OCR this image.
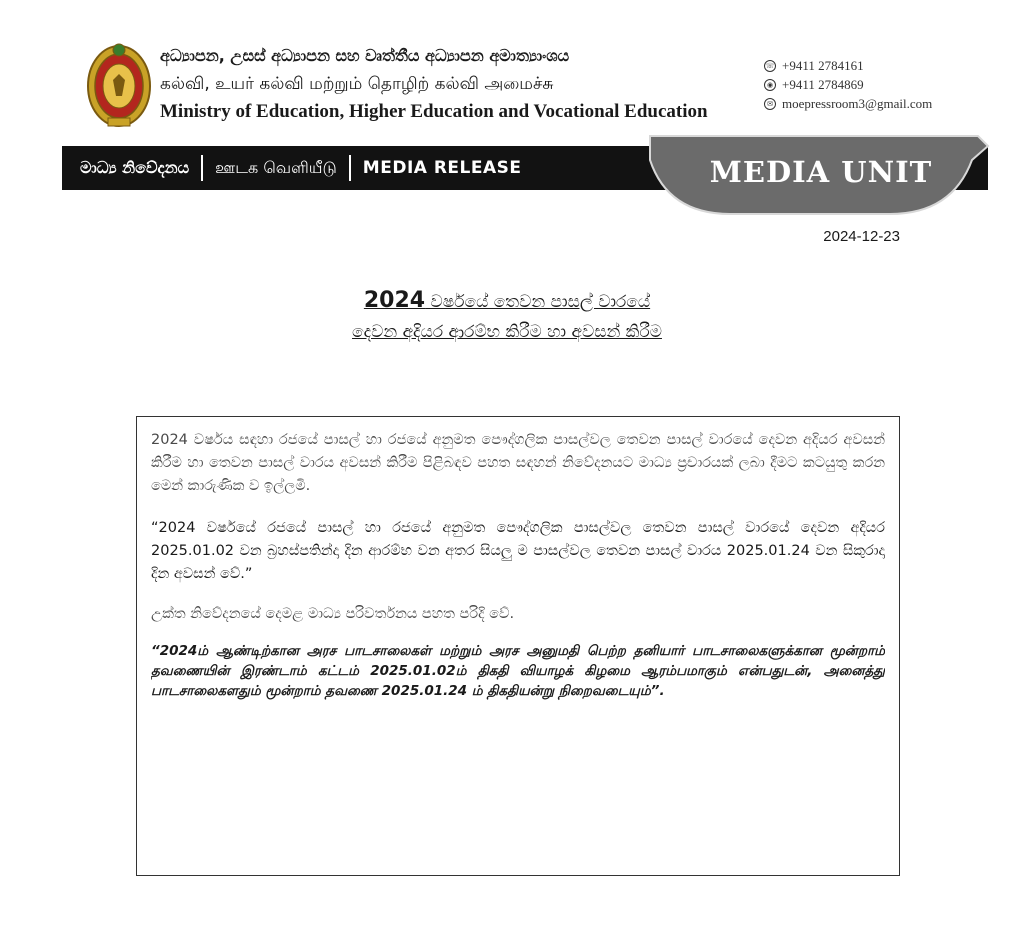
අධ්‍යාපන, උසස් අධ්‍යාපන සහ වෘත්තීය අධ්‍යාපන අමාත්‍යාංශය
கல்வி, உயர் கல்வி மற்றும் தொழிற் கல்வி அமைச்சு
Ministry of Education, Higher Education and Vocational Education
☏ +9411 2784161
◉ +9411 2784869
✉ moepressroom3@gmail.com
මාධ්‍ය නිවේදනය ஊடக வெளியீடு MEDIA RELEASE	MEDIA UNIT
2024-12-23
2024 වර්ෂයේ තෙවන පාසල් වාරයේ
දෙවන අදියර ආරම්භ කිරීම හා අවසන් කිරීම

2024 වර්ෂය සඳහා රජයේ පාසල් හා රජයේ අනුමත පෞද්ගලික පාසල්වල තෙවන පාසල් වාරයේ දෙවන අදියර අවසන් කිරීම හා තෙවන පාසල් වාරය අවසන් කිරීම පිළිබඳව පහත සඳහන් නිවේදනයට මාධ්‍ය ප්‍රචාරයක් ලබා දීමට කටයුතු කරන මෙන් කාරුණික ව ඉල්ලමි.

“2024 වර්ෂයේ රජයේ පාසල් හා රජයේ අනුමත පෞද්ගලික පාසල්වල තෙවන පාසල් වාරයේ දෙවන අදියර 2025.01.02 වන බ්‍රහස්පතින්දා දින ආරම්භ වන අතර සියලු ම පාසල්වල තෙවන පාසල් වාරය 2025.01.24 වන සිකුරාදා දින අවසන් වේ.”

උක්ත නිවේදනයේ දෙමළ මාධ්‍ය පරිවර්තනය පහත පරිදි වේ.

“2024ம் ஆண்டிற்கான அரச பாடசாலைகள் மற்றும் அரச அனுமதி பெற்ற தனியார் பாடசாலைகளுக்கான மூன்றாம் தவணையின் இரண்டாம் கட்டம் 2025.01.02ம் திகதி வியாழக் கிழமை ஆரம்பமாகும் என்பதுடன், அனைத்து பாடசாலைகளதும் மூன்றாம் தவணை 2025.01.24 ம் திகதியன்று நிறைவடையும்”.
